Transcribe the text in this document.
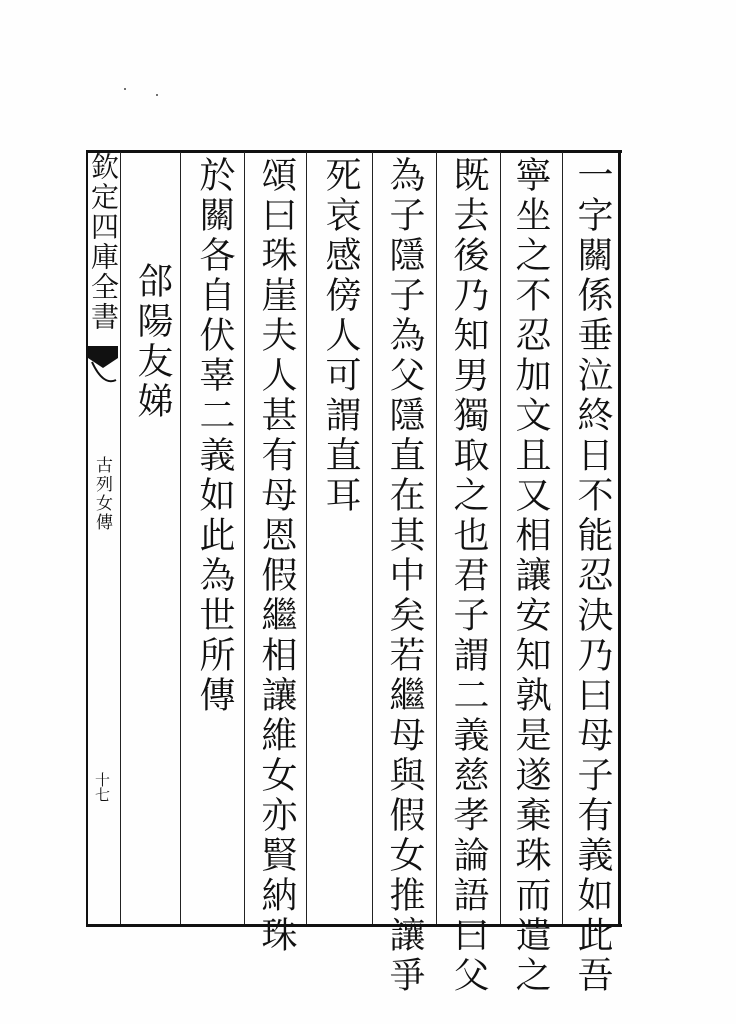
欽定四庫全書
古列女傳
十七	一字關係垂泣終日不能忍決乃曰母子有義如此吾
寧坐之不忍加文且又相讓安知孰是遂棄珠而遣之
既去後乃知男獨取之也君子謂二義慈孝論語曰父
為子隱子為父隱直在其中矣若繼母與假女推讓爭
死哀感傍人可謂直耳
頌曰珠崖夫人甚有母恩假繼相讓維女亦賢納珠
於關各自伏辜二義如此為世所傳
郃陽友娣
